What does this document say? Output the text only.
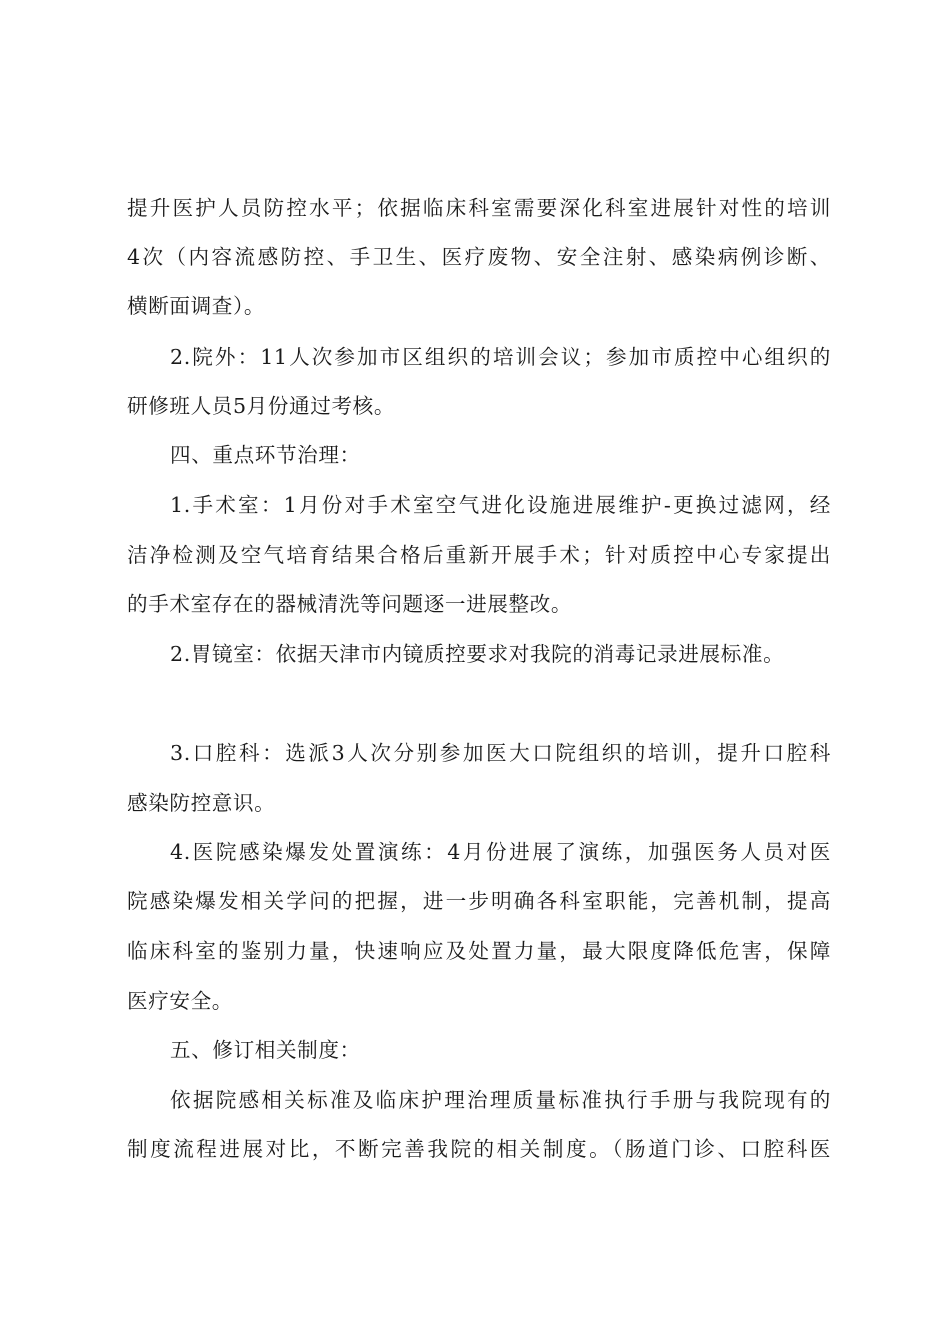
提升医护人员防控水平；依据临床科室需要深化科室进展针对性的培训
4次（内容流感防控、手卫生、医疗废物、安全注射、感染病例诊断、
横断面调查）。
2.院外：11人次参加市区组织的培训会议；参加市质控中心组织的
研修班人员5月份通过考核。
四、重点环节治理：
1.手术室：1月份对手术室空气进化设施进展维护-更换过滤网，经
洁净检测及空气培育结果合格后重新开展手术；针对质控中心专家提出
的手术室存在的器械清洗等问题逐一进展整改。
2.胃镜室：依据天津市内镜质控要求对我院的消毒记录进展标准。
3.口腔科：选派3人次分别参加医大口院组织的培训，提升口腔科
感染防控意识。
4.医院感染爆发处置演练：4月份进展了演练，加强医务人员对医
院感染爆发相关学问的把握，进一步明确各科室职能，完善机制，提高
临床科室的鉴别力量，快速响应及处置力量，最大限度降低危害，保障
医疗安全。
五、修订相关制度：
依据院感相关标准及临床护理治理质量标准执行手册与我院现有的
制度流程进展对比，不断完善我院的相关制度。（肠道门诊、口腔科医
